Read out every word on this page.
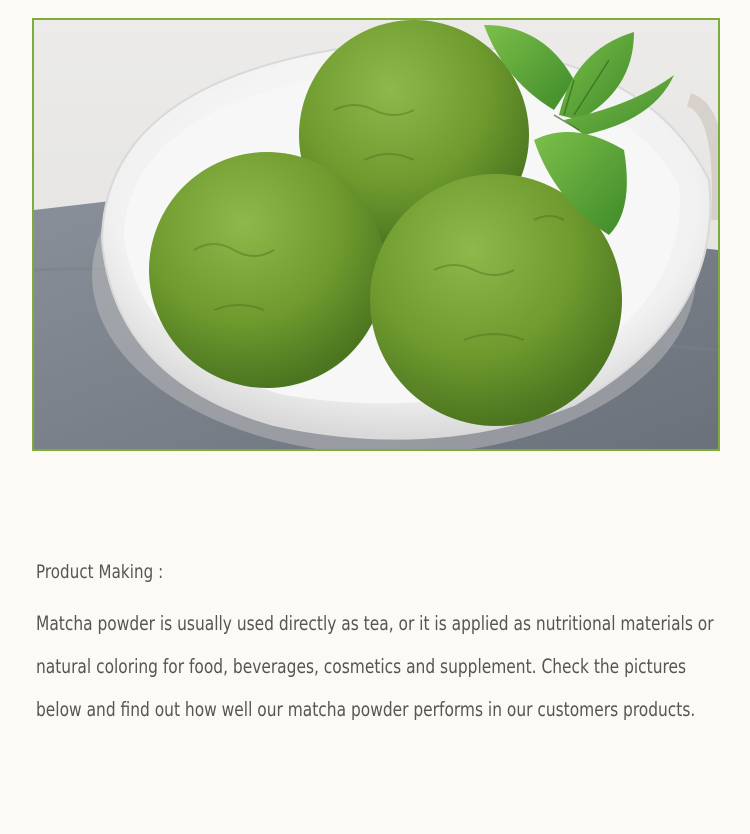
Product Making :

Matcha powder is usually used directly as tea, or it is applied as nutritional materials or natural coloring for food, beverages, cosmetics and supplement. Check the pictures below and find out how well our matcha powder performs in our customers products.
